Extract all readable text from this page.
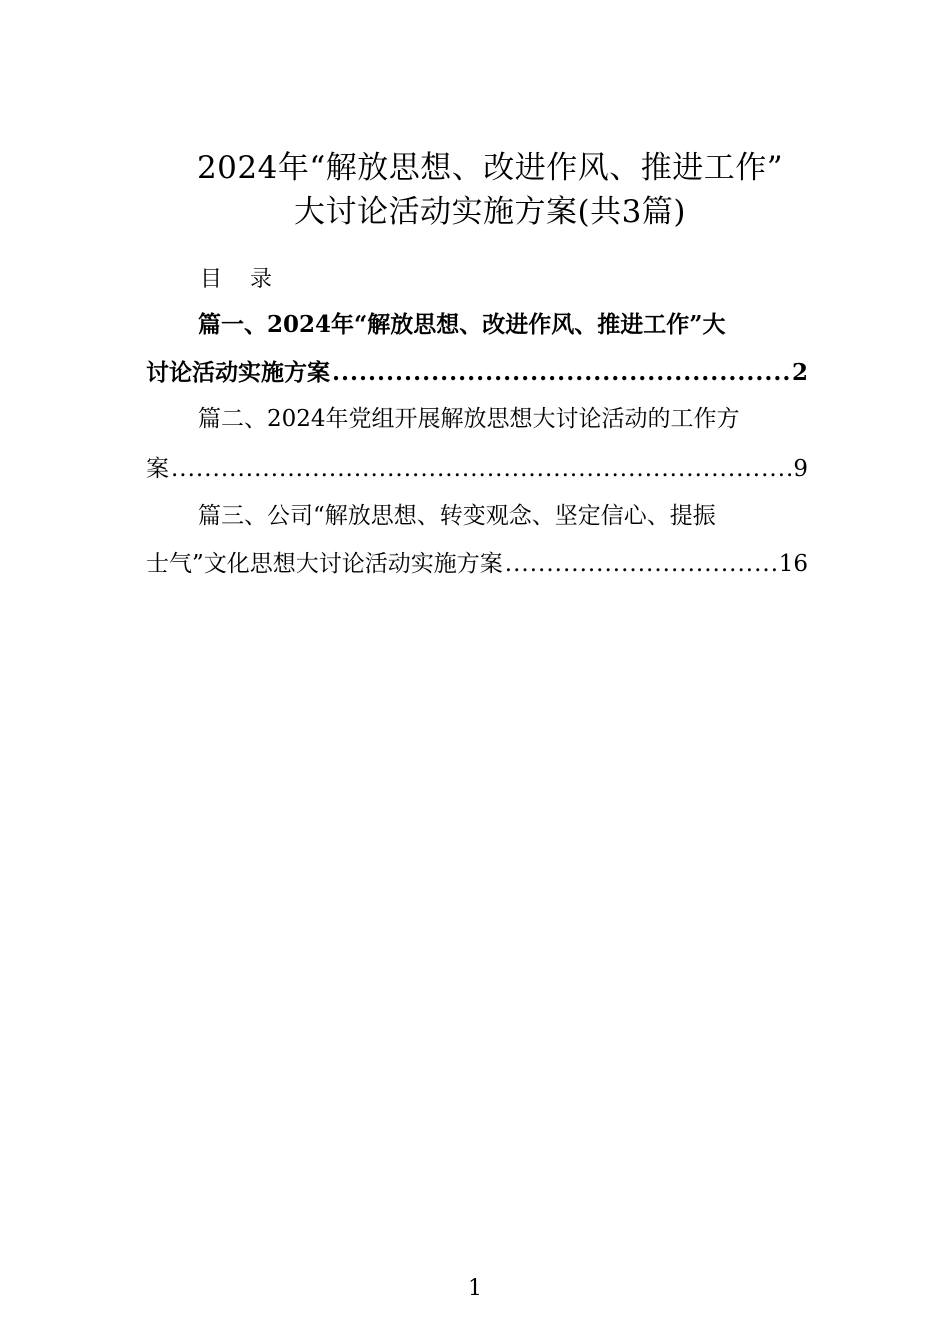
2024年“解放思想、改进作风、推进工作”
大讨论活动实施方案(共3篇)
目录
篇一、2024年“解放思想、改进作风、推进工作”大
讨论活动实施方案 .....	2
篇二、2024年党组开展解放思想大讨论活动的工作方
案 .....	9
篇三、公司“解放思想、转变观念、坚定信心、提振
士气”文化思想大讨论活动实施方案 .....	16
1
